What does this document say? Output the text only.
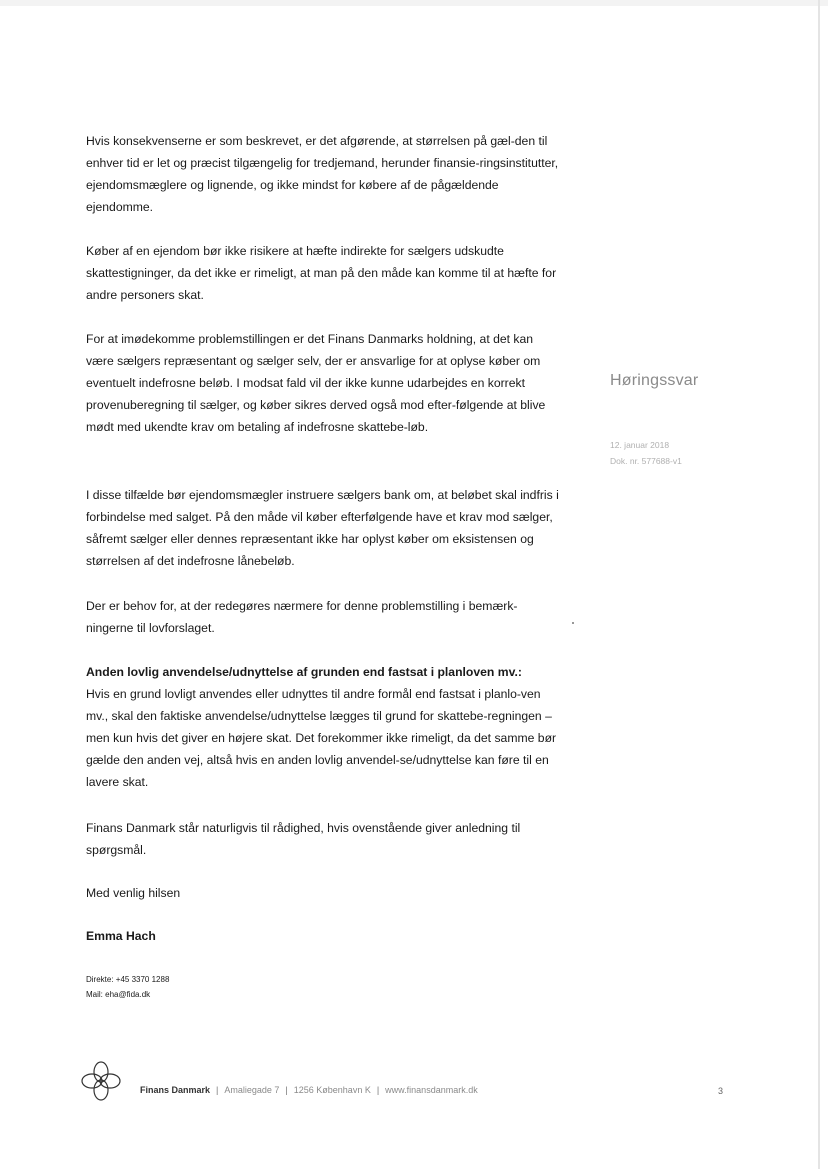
Hvis konsekvenserne er som beskrevet, er det afgørende, at størrelsen på gæl-den til enhver tid er let og præcist tilgængelig for tredjemand, herunder finansie-ringsinstitutter, ejendomsmæglere og lignende, og ikke mindst for købere af de pågældende ejendomme.
Køber af en ejendom bør ikke risikere at hæfte indirekte for sælgers udskudte skattestigninger, da det ikke er rimeligt, at man på den måde kan komme til at hæfte for andre personers skat.
For at imødekomme problemstillingen er det Finans Danmarks holdning, at det kan være sælgers repræsentant og sælger selv, der er ansvarlige for at oplyse køber om eventuelt indefrosne beløb. I modsat fald vil der ikke kunne udarbejdes en korrekt provenuberegning til sælger, og køber sikres derved også mod efter-følgende at blive mødt med ukendte krav om betaling af indefrosne skattebe-løb.
I disse tilfælde bør ejendomsmægler instruere sælgers bank om, at beløbet skal indfris i forbindelse med salget. På den måde vil køber efterfølgende have et krav mod sælger, såfremt sælger eller dennes repræsentant ikke har oplyst køber om eksistensen og størrelsen af det indefrosne lånebeløb.
Der er behov for, at der redegøres nærmere for denne problemstilling i bemærk-ningerne til lovforslaget.

Anden lovlig anvendelse/udnyttelse af grunden end fastsat i planloven mv.:

Hvis en grund lovligt anvendes eller udnyttes til andre formål end fastsat i planlo-ven mv., skal den faktiske anvendelse/udnyttelse lægges til grund for skattebe-regningen – men kun hvis det giver en højere skat. Det forekommer ikke rimeligt, da det samme bør gælde den anden vej, altså hvis en anden lovlig anvendel-se/udnyttelse kan føre til en lavere skat.

Finans Danmark står naturligvis til rådighed, hvis ovenstående giver anledning til spørgsmål.
Med venlig hilsen
Emma Hach
Direkte: +45 3370 1288
Mail: eha@fida.dk
Høringssvar
12. januar 2018
Dok. nr. 577688-v1
Finans Danmark | Amaliegade 7 | 1256 København K | www.finansdanmark.dk	3
